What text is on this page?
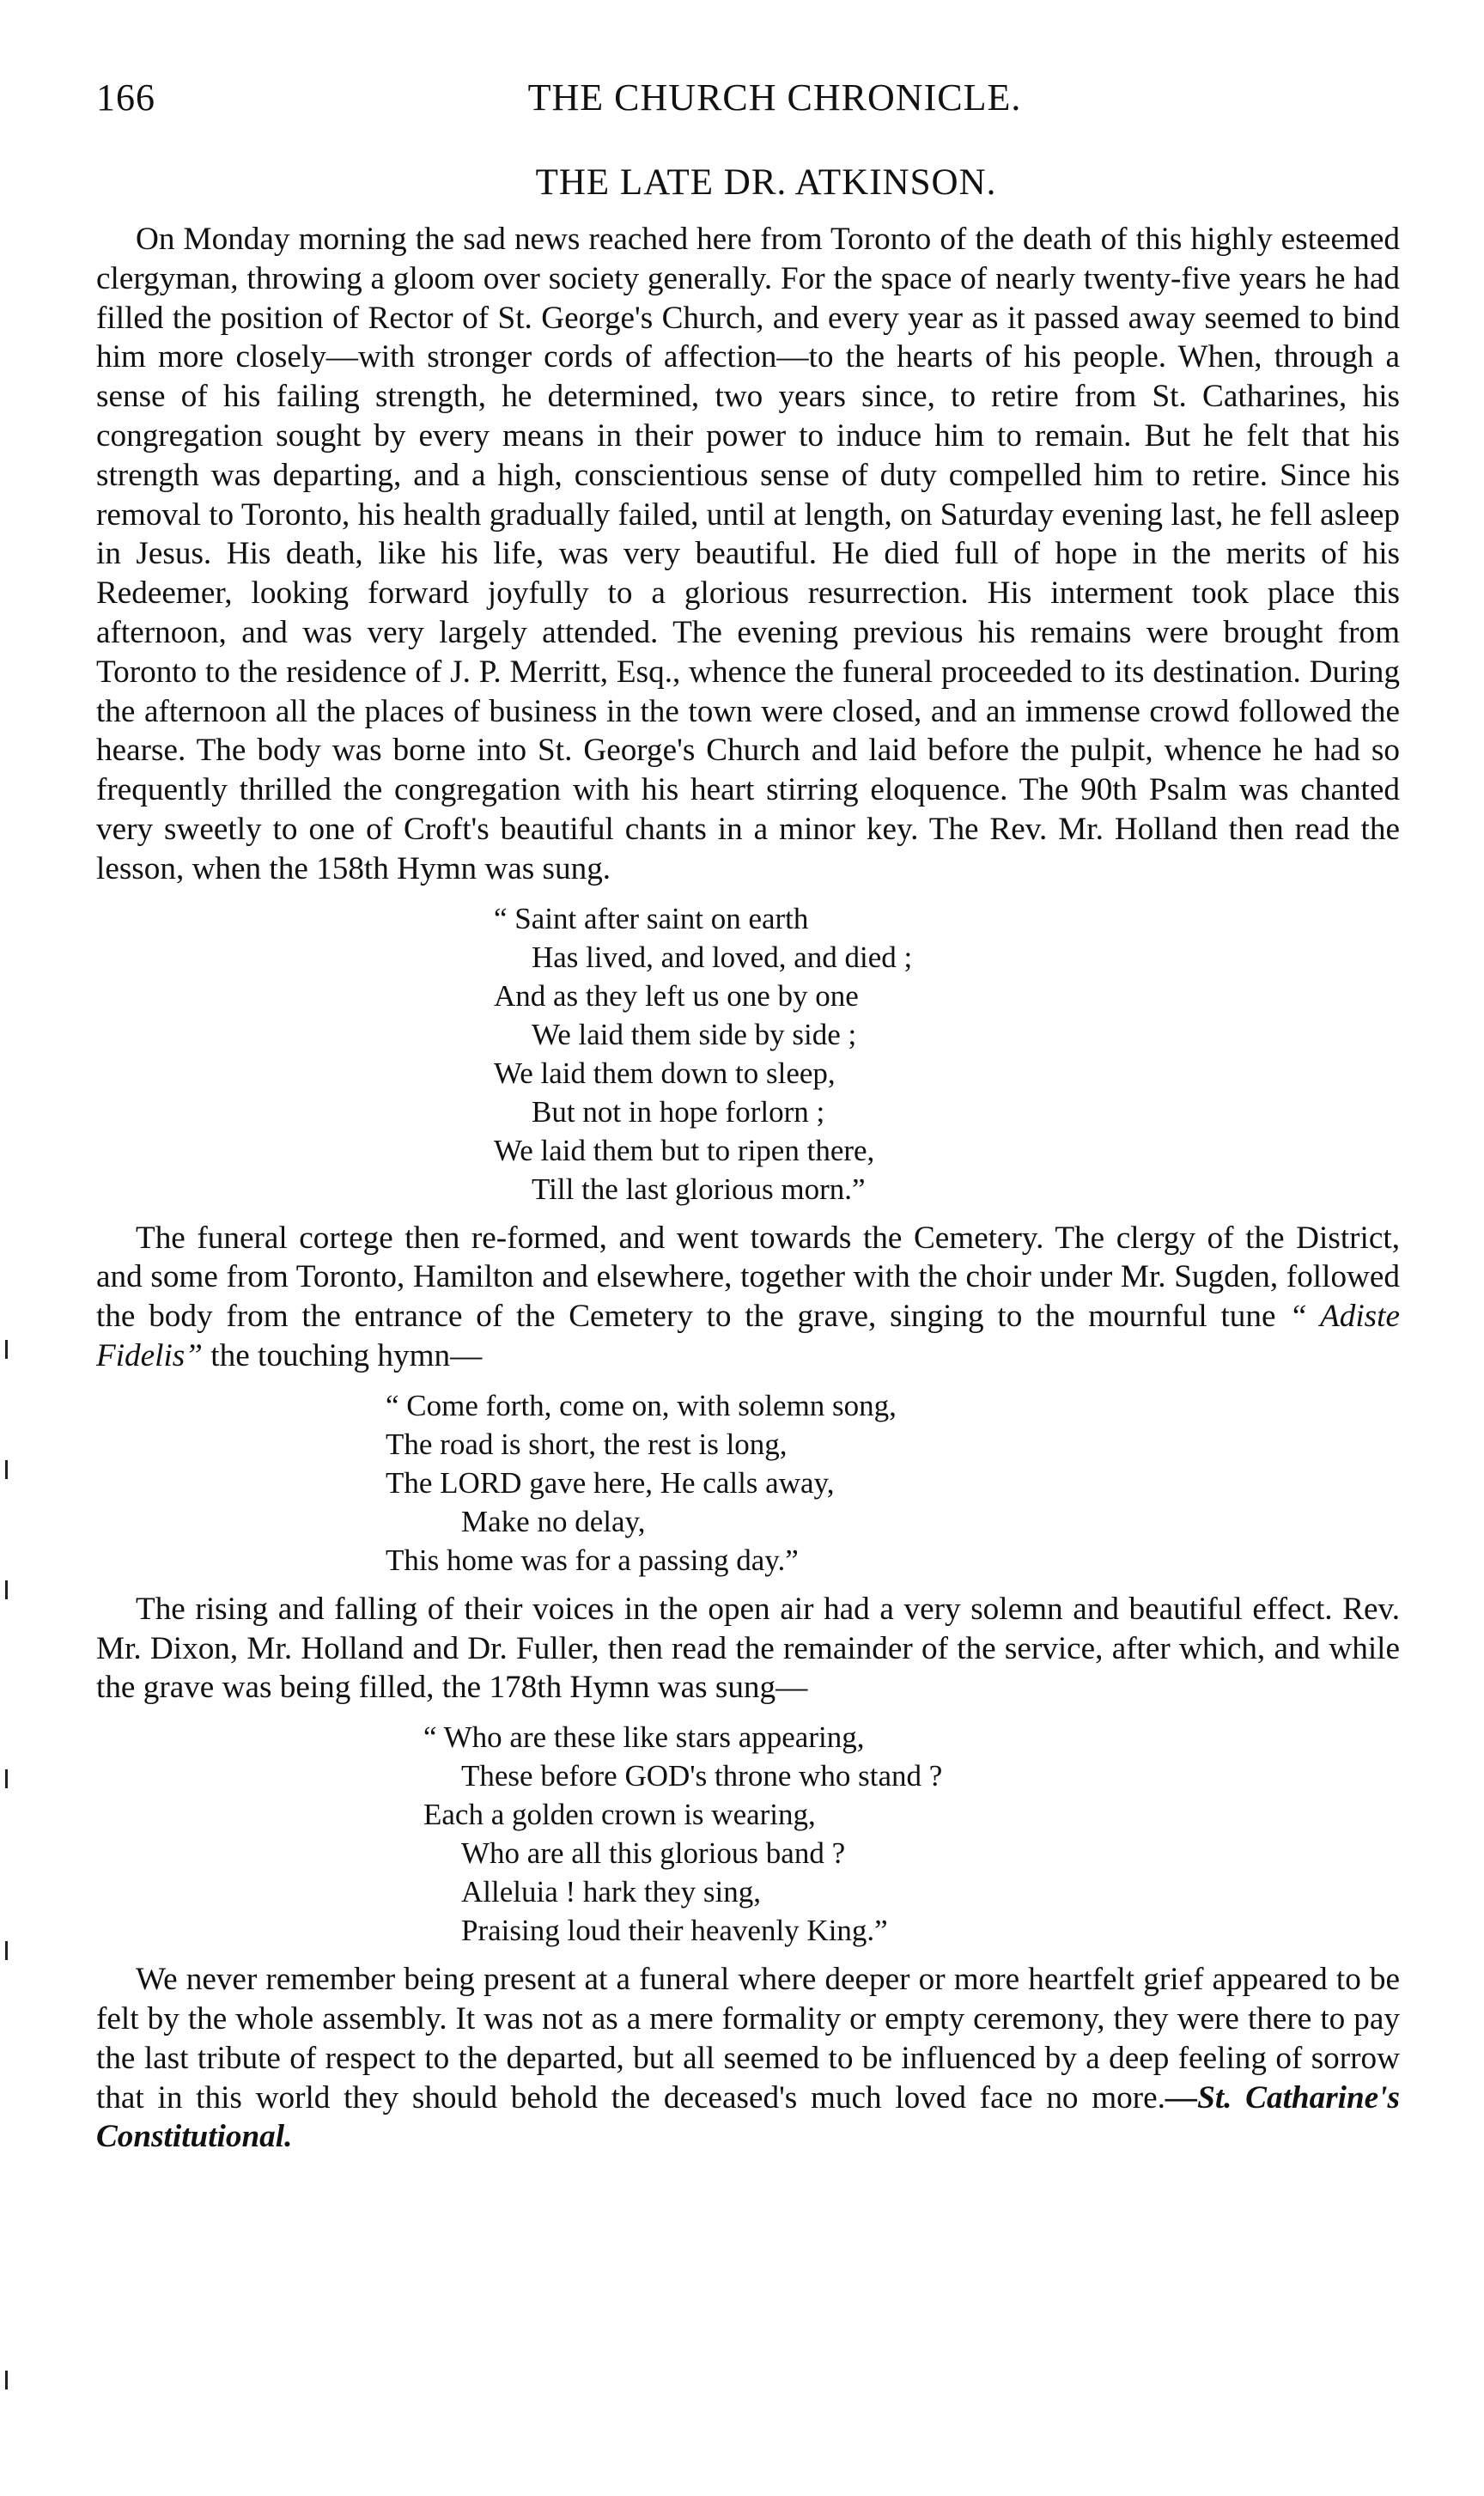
166	THE CHURCH CHRONICLE.
THE LATE DR. ATKINSON.

On Monday morning the sad news reached here from Toronto of the death of this highly esteemed clergyman, throwing a gloom over society generally. For the space of nearly twenty-five years he had filled the position of Rector of St. George's Church, and every year as it passed away seemed to bind him more closely—with stronger cords of affection—to the hearts of his people. When, through a sense of his failing strength, he determined, two years since, to retire from St. Catharines, his congregation sought by every means in their power to induce him to remain. But he felt that his strength was departing, and a high, conscientious sense of duty compelled him to retire. Since his removal to Toronto, his health gradually failed, until at length, on Saturday evening last, he fell asleep in Jesus. His death, like his life, was very beautiful. He died full of hope in the merits of his Redeemer, looking forward joyfully to a glorious resurrection. His interment took place this afternoon, and was very largely attended. The evening previous his remains were brought from Toronto to the residence of J. P. Merritt, Esq., whence the funeral proceeded to its destination. During the afternoon all the places of business in the town were closed, and an immense crowd followed the hearse. The body was borne into St. George's Church and laid before the pulpit, whence he had so frequently thrilled the congregation with his heart stirring eloquence. The 90th Psalm was chanted very sweetly to one of Croft's beautiful chants in a minor key. The Rev. Mr. Holland then read the lesson, when the 158th Hymn was sung.

“ Saint after saint on earth
Has lived, and loved, and died ;
And as they left us one by one
We laid them side by side ;
We laid them down to sleep,
But not in hope forlorn ;
We laid them but to ripen there,
Till the last glorious morn.”

The funeral cortege then re-formed, and went towards the Cemetery. The clergy of the District, and some from Toronto, Hamilton and elsewhere, together with the choir under Mr. Sugden, followed the body from the entrance of the Cemetery to the grave, singing to the mournful tune “ Adiste Fidelis” the touching hymn—

“ Come forth, come on, with solemn song,
The road is short, the rest is long,
The LORD gave here, He calls away,
Make no delay,
This home was for a passing day.”

The rising and falling of their voices in the open air had a very solemn and beautiful effect. Rev. Mr. Dixon, Mr. Holland and Dr. Fuller, then read the remainder of the service, after which, and while the grave was being filled, the 178th Hymn was sung—

“ Who are these like stars appearing,
These before GOD's throne who stand ?
Each a golden crown is wearing,
Who are all this glorious band ?
Alleluia ! hark they sing,
Praising loud their heavenly King.”

We never remember being present at a funeral where deeper or more heartfelt grief appeared to be felt by the whole assembly. It was not as a mere formality or empty ceremony, they were there to pay the last tribute of respect to the departed, but all seemed to be influenced by a deep feeling of sorrow that in this world they should behold the deceased's much loved face no more.—St. Catharine's Constitutional.
